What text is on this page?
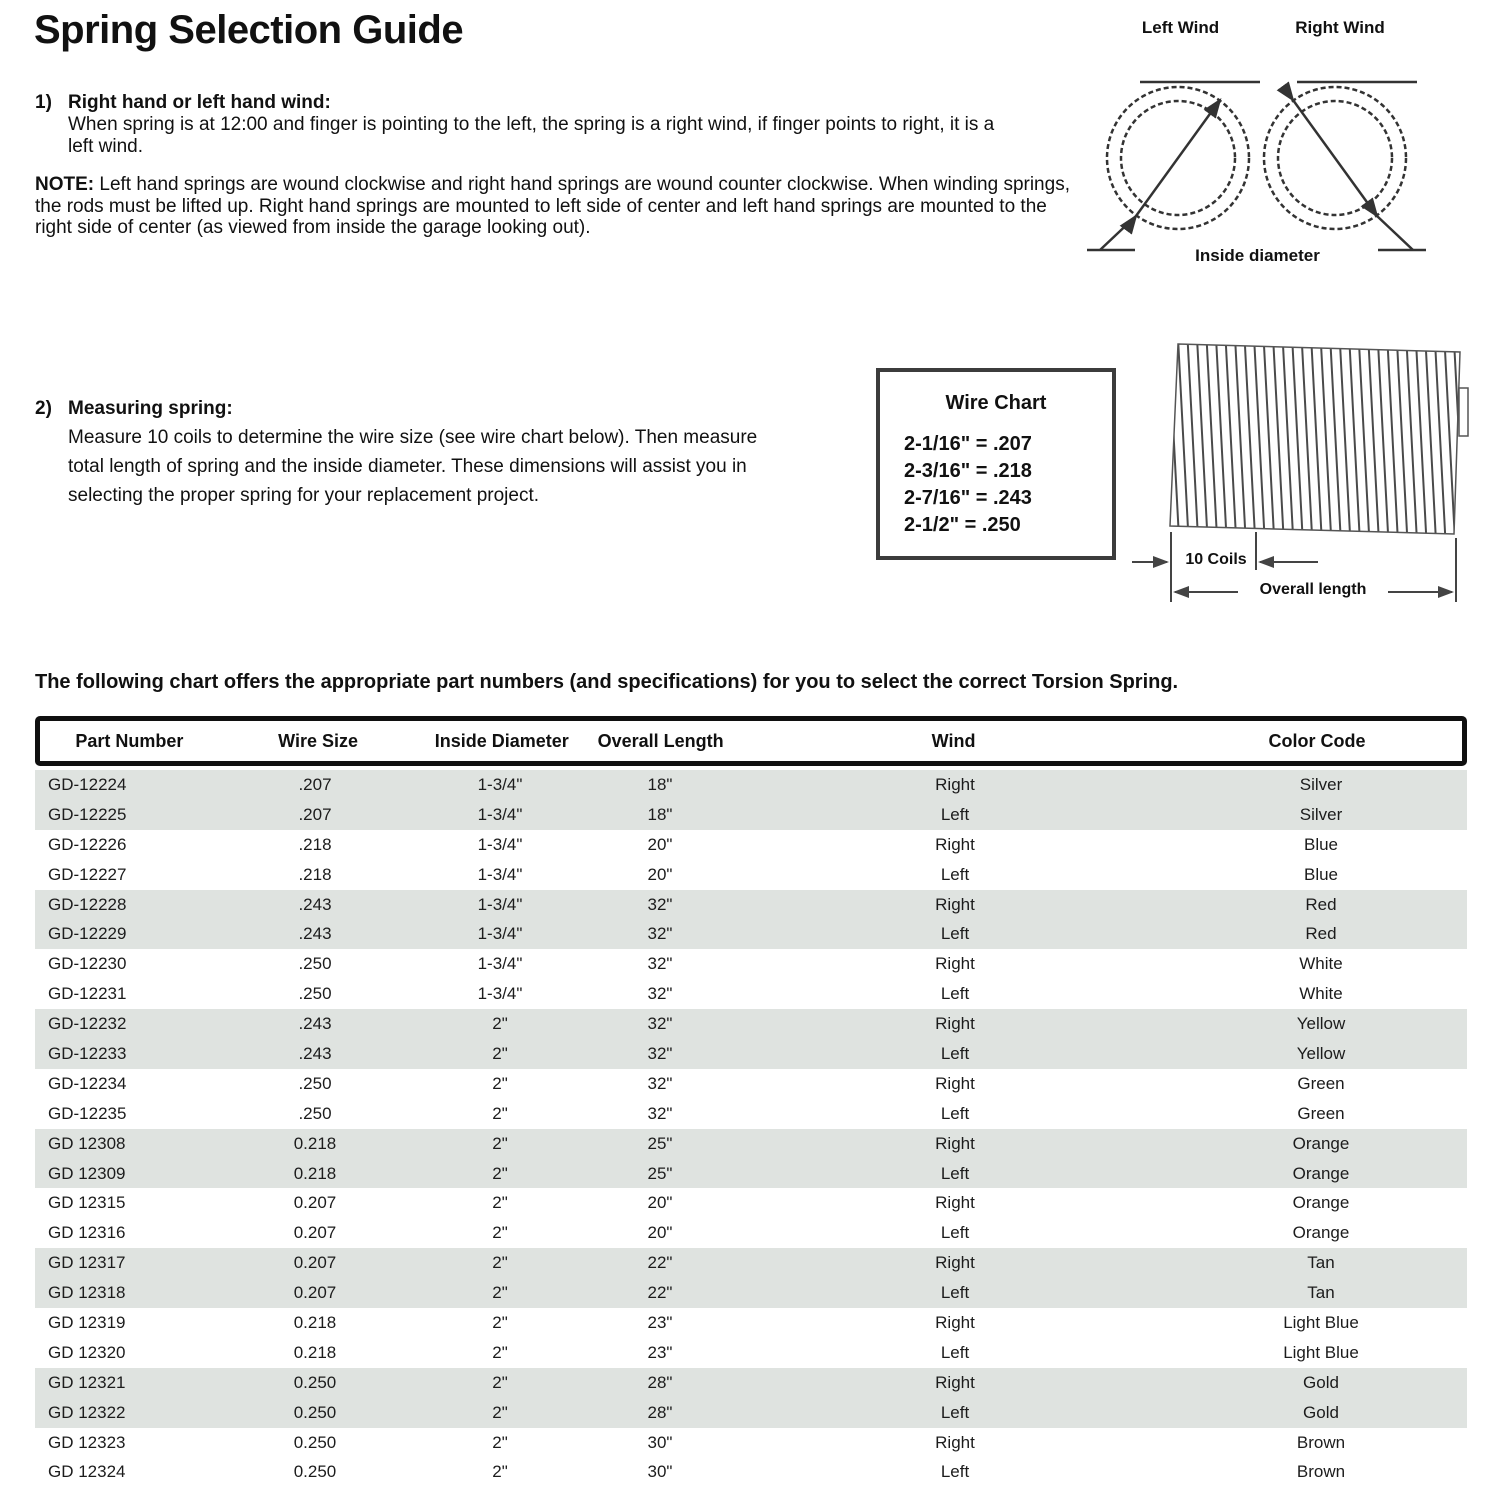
Spring Selection Guide
1) Right hand or left hand wind:
When spring is at 12:00 and finger is pointing to the left, the spring is a right wind, if finger points to right, it is a left wind.
NOTE: Left hand springs are wound clockwise and right hand springs are wound counter clockwise. When winding springs, the rods must be lifted up. Right hand springs are mounted to left side of center and left hand springs are mounted to the right side of center (as viewed from inside the garage looking out).
2) Measuring spring:
Measure 10 coils to determine the wire size (see wire chart below). Then measure total length of spring and the inside diameter. These dimensions will assist you in selecting the proper spring for your replacement project.
Left Wind	Right Wind
Inside diameter
Wire Chart
2-1/16" = .207
2-3/16" = .218
2-7/16" = .243
2-1/2" = .250
10 Coils
Overall length
The following chart offers the appropriate part numbers (and specifications) for you to select the correct Torsion Spring.
Part Number	Wire Size	Inside Diameter	Overall Length	Wind	Color Code
GD-12224	.207	1-3/4"	18"	Right	Silver
GD-12225	.207	1-3/4"	18"	Left	Silver
GD-12226	.218	1-3/4"	20"	Right	Blue
GD-12227	.218	1-3/4"	20"	Left	Blue
GD-12228	.243	1-3/4"	32"	Right	Red
GD-12229	.243	1-3/4"	32"	Left	Red
GD-12230	.250	1-3/4"	32"	Right	White
GD-12231	.250	1-3/4"	32"	Left	White
GD-12232	.243	2"	32"	Right	Yellow
GD-12233	.243	2"	32"	Left	Yellow
GD-12234	.250	2"	32"	Right	Green
GD-12235	.250	2"	32"	Left	Green
GD 12308	0.218	2"	25"	Right	Orange
GD 12309	0.218	2"	25"	Left	Orange
GD 12315	0.207	2"	20"	Right	Orange
GD 12316	0.207	2"	20"	Left	Orange
GD 12317	0.207	2"	22"	Right	Tan
GD 12318	0.207	2"	22"	Left	Tan
GD 12319	0.218	2"	23"	Right	Light Blue
GD 12320	0.218	2"	23"	Left	Light Blue
GD 12321	0.250	2"	28"	Right	Gold
GD 12322	0.250	2"	28"	Left	Gold
GD 12323	0.250	2"	30"	Right	Brown
GD 12324	0.250	2"	30"	Left	Brown
